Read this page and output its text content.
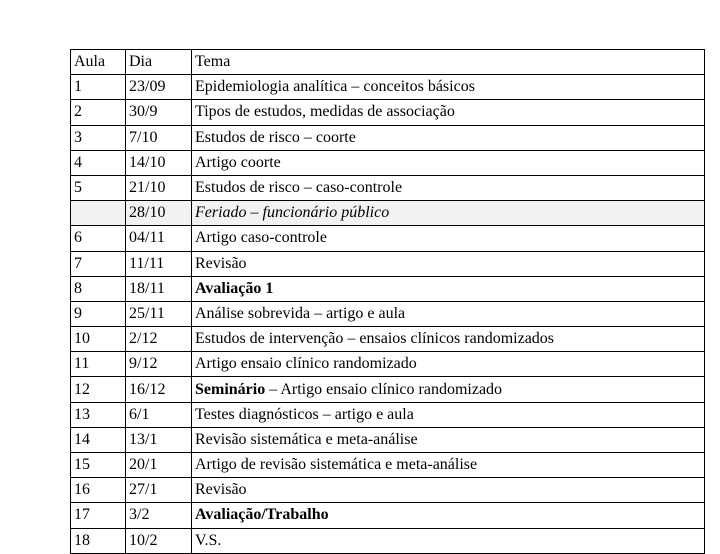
Aula	Dia	Tema
1	23/09	Epidemiologia analítica – conceitos básicos
2	30/9	Tipos de estudos, medidas de associação
3	7/10	Estudos de risco – coorte
4	14/10	Artigo coorte
5	21/10	Estudos de risco – caso-controle
	28/10	Feriado – funcionário público
6	04/11	Artigo caso-controle
7	11/11	Revisão
8	18/11	Avaliação 1
9	25/11	Análise sobrevida – artigo e aula
10	2/12	Estudos de intervenção – ensaios clínicos randomizados
11	9/12	Artigo ensaio clínico randomizado
12	16/12	Seminário – Artigo ensaio clínico randomizado
13	6/1	Testes diagnósticos – artigo e aula
14	13/1	Revisão sistemática e meta-análise
15	20/1	Artigo de revisão sistemática e meta-análise
16	27/1	Revisão
17	3/2	Avaliação/Trabalho
18	10/2	V.S.
